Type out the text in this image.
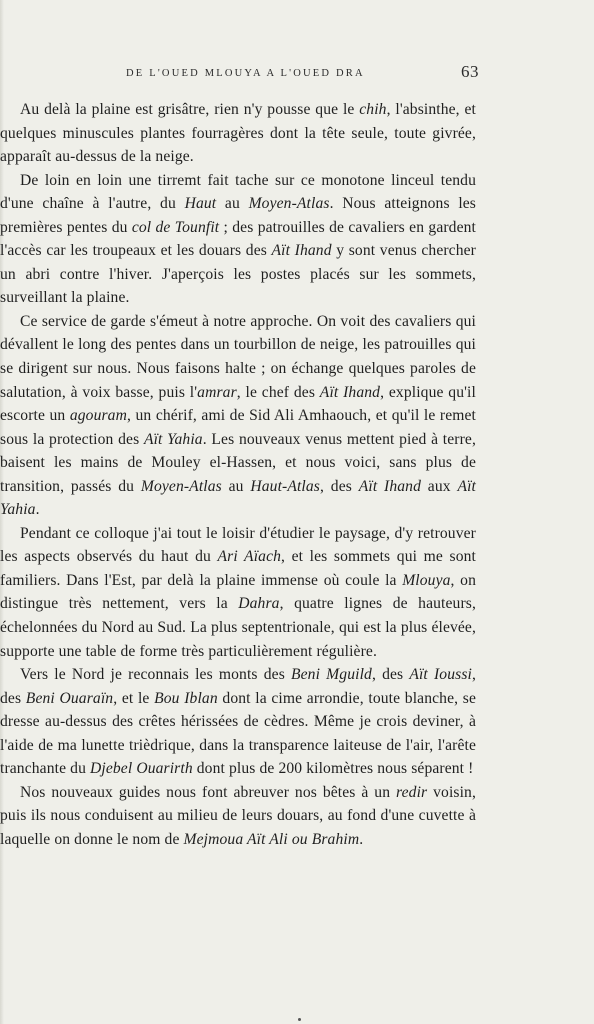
DE L'OUED MLOUYA A L'OUED DRA	63

Au delà la plaine est grisâtre, rien n'y pousse que le chih, l'absinthe, et quelques minuscules plantes fourragères dont la tête seule, toute givrée, apparaît au-dessus de la neige.

De loin en loin une tirremt fait tache sur ce monotone linceul tendu d'une chaîne à l'autre, du Haut au Moyen-Atlas. Nous atteignons les premières pentes du col de Tounfit ; des patrouilles de cavaliers en gardent l'accès car les troupeaux et les douars des Aït Ihand y sont venus chercher un abri contre l'hiver. J'aperçois les postes placés sur les sommets, surveillant la plaine.

Ce service de garde s'émeut à notre approche. On voit des cavaliers qui dévallent le long des pentes dans un tourbillon de neige, les patrouilles qui se dirigent sur nous. Nous faisons halte ; on échange quelques paroles de salutation, à voix basse, puis l'amrar, le chef des Aït Ihand, explique qu'il escorte un agouram, un chérif, ami de Sid Ali Amhaouch, et qu'il le remet sous la protection des Aït Yahia. Les nouveaux venus mettent pied à terre, baisent les mains de Mouley el-Hassen, et nous voici, sans plus de transition, passés du Moyen-Atlas au Haut-Atlas, des Aït Ihand aux Aït Yahia.

Pendant ce colloque j'ai tout le loisir d'étudier le paysage, d'y retrouver les aspects observés du haut du Ari Aïach, et les sommets qui me sont familiers. Dans l'Est, par delà la plaine immense où coule la Mlouya, on distingue très nettement, vers la Dahra, quatre lignes de hauteurs, échelonnées du Nord au Sud. La plus septentrionale, qui est la plus élevée, supporte une table de forme très particulièrement régulière.

Vers le Nord je reconnais les monts des Beni Mguild, des Aït Ioussi, des Beni Ouaraïn, et le Bou Iblan dont la cime arrondie, toute blanche, se dresse au-dessus des crêtes hérissées de cèdres. Même je crois deviner, à l'aide de ma lunette trièdrique, dans la transparence laiteuse de l'air, l'arête tranchante du Djebel Ouarirth dont plus de 200 kilomètres nous séparent !

Nos nouveaux guides nous font abreuver nos bêtes à un redir voisin, puis ils nous conduisent au milieu de leurs douars, au fond d'une cuvette à laquelle on donne le nom de Mejmoua Aït Ali ou Brahim.
